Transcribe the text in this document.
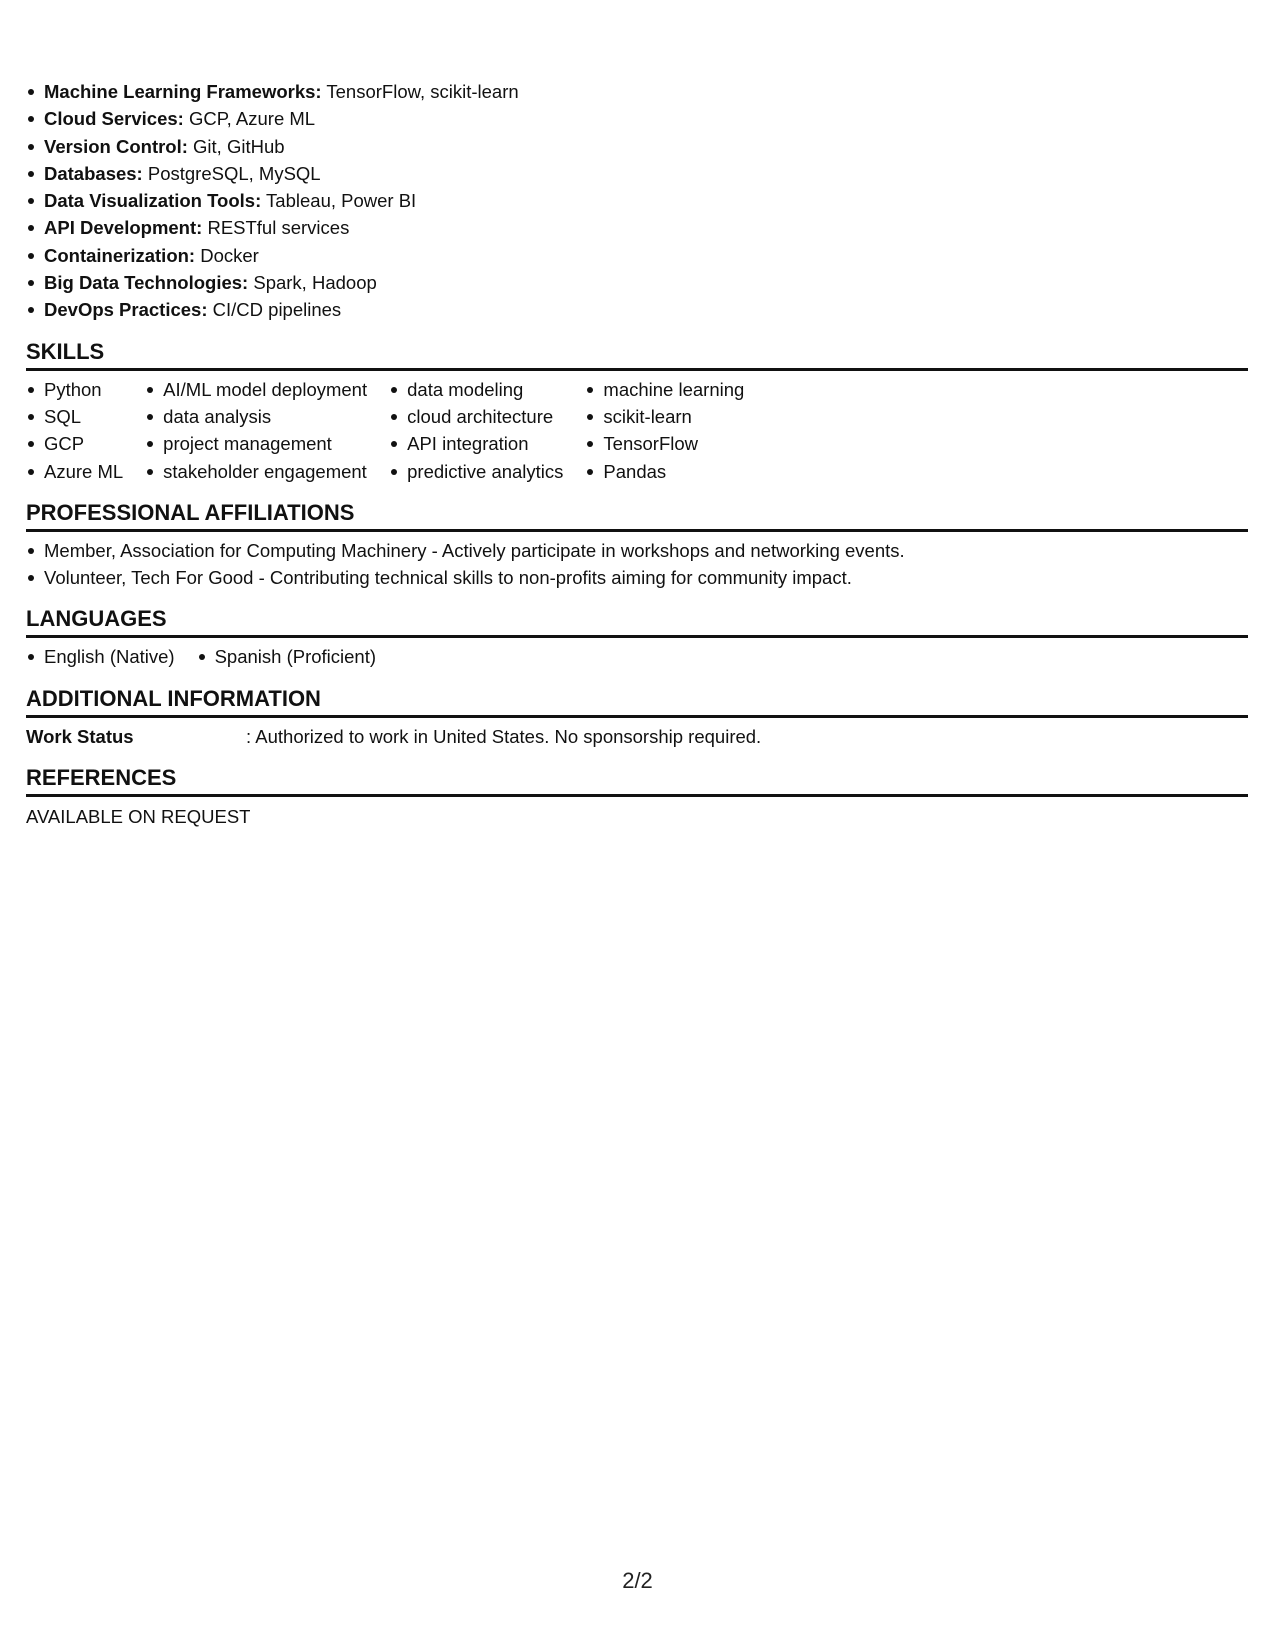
Machine Learning Frameworks: TensorFlow, scikit-learn
Cloud Services: GCP, Azure ML
Version Control: Git, GitHub
Databases: PostgreSQL, MySQL
Data Visualization Tools: Tableau, Power BI
API Development: RESTful services
Containerization: Docker
Big Data Technologies: Spark, Hadoop
DevOps Practices: CI/CD pipelines
SKILLS
Python
SQL
GCP
Azure ML
AI/ML model deployment
data analysis
project management
stakeholder engagement
data modeling
cloud architecture
API integration
predictive analytics
machine learning
scikit-learn
TensorFlow
Pandas
PROFESSIONAL AFFILIATIONS
Member, Association for Computing Machinery - Actively participate in workshops and networking events.
Volunteer, Tech For Good - Contributing technical skills to non-profits aiming for community impact.
LANGUAGES
English (Native)	Spanish (Proficient)
ADDITIONAL INFORMATION
Work Status	: Authorized to work in United States. No sponsorship required.
REFERENCES
AVAILABLE ON REQUEST
2/2
